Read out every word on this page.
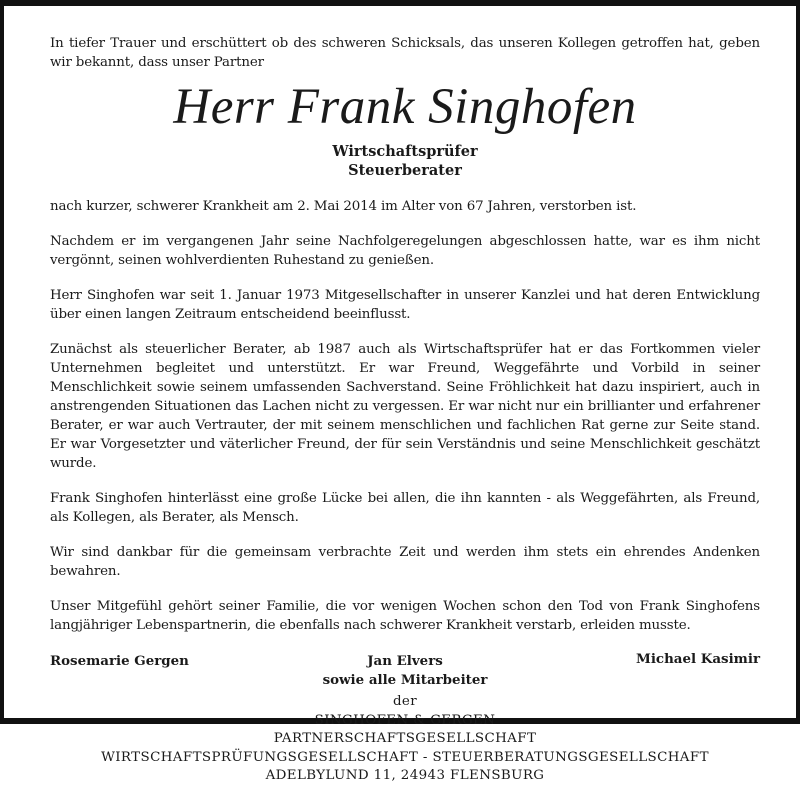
In tiefer Trauer und erschüttert ob des schweren Schicksals, das unseren Kollegen getroffen hat, geben wir bekannt, dass unser Partner

Herr Frank Singhofen

Wirtschaftsprüfer

Steuerberater

nach kurzer, schwerer Krankheit am 2. Mai 2014 im Alter von 67 Jahren, verstorben ist.

Nachdem er im vergangenen Jahr seine Nachfolgeregelungen abgeschlossen hatte, war es ihm nicht vergönnt, seinen wohlverdienten Ruhestand zu genießen.

Herr Singhofen war seit 1. Januar 1973 Mitgesellschafter in unserer Kanzlei und hat deren Entwicklung über einen langen Zeitraum entscheidend beeinflusst.

Zunächst als steuerlicher Berater, ab 1987 auch als Wirtschaftsprüfer hat er das Fortkommen vieler Unternehmen begleitet und unterstützt. Er war Freund, Weggefährte und Vorbild in seiner Menschlichkeit sowie seinem umfassenden Sachverstand. Seine Fröhlichkeit hat dazu inspiriert, auch in anstrengenden Situationen das Lachen nicht zu vergessen. Er war nicht nur ein brillianter und erfahrener Berater, er war auch Vertrauter, der mit seinem menschlichen und fachlichen Rat gerne zur Seite stand. Er war Vorgesetzter und väterlicher Freund, der für sein Verständnis und seine Menschlichkeit geschätzt wurde.

Frank Singhofen hinterlässt eine große Lücke bei allen, die ihn kannten - als Weggefährten, als Freund, als Kollegen, als Berater, als Mensch.

Wir sind dankbar für die gemeinsam verbrachte Zeit und werden ihm stets ein ehrendes Andenken bewahren.

Unser Mitgefühl gehört seiner Familie, die vor wenigen Wochen schon den Tod von Frank Singhofens langjähriger Lebenspartnerin, die ebenfalls nach schwerer Krankheit verstarb, erleiden musste.

Rosemarie Gergen	Jan Elvers	Michael Kasimir
sowie alle Mitarbeiter

der

SINGHOFEN & GERGEN

PARTNERSCHAFTSGESELLSCHAFT

WIRTSCHAFTSPRÜFUNGSGESELLSCHAFT - STEUERBERATUNGSGESELLSCHAFT

ADELBYLUND 11, 24943 FLENSBURG
